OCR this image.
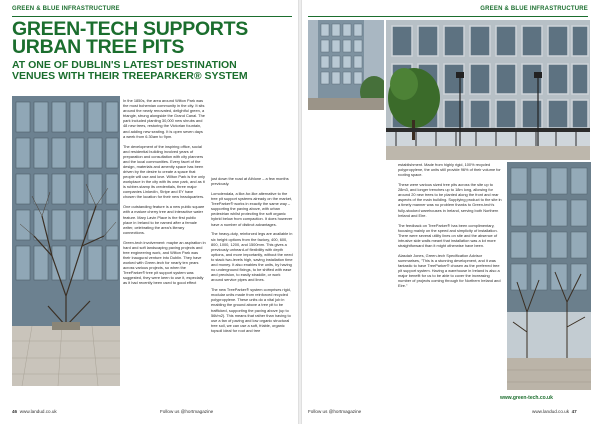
GREEN & BLUE INFRASTRUCTURE
GREEN-TECH SUPPORTS
URBAN TREE PITS
AT ONE OF DUBLIN'S LATEST DESTINATION
VENUES WITH THEIR TREEPARKER® SYSTEM

In the 1850s, the area around Wilton Park was the most bohemian community in the city. It sits around the newly renovated, delightful green, a triangle, strung alongside the Grand Canal. The park included planting 30,000 new shrubs and 48 new trees, restoring the Victorian fountain, and adding new seating. It is open seven days a week from 6.30am to 9pm.

The development of the inspiring office, social and residential building involved years of preparation and consultation with city planners and the local communities. Every facet of the design, materials and amenity space has been driven by the desire to create a space that people will use and love. Wilton Park is the only workplace in the city with its own park, and as it is rubber-stamp its credentials, three major companies LinkedIn, Stripe and EY have chosen the location for their new headquarters.

One outstanding feature is a new public square with a mature cherry tree and interactive water feature. Mary Lavin Place is the first public place in Ireland to be named after a female writer, celebrating the area's literary connections.

Green-tech involvement: maybe an aspiration in hard and soft landscaping paving projects and tree engineering work, and Wilton Park was their inaugural venture into Dublin. They have worked with Green-tech for nearly ten years across various projects, so when the TreeParker® tree pit support system was suggested, they were keen to use it, especially as it had recently been used to good effect

just down the road at Athlone – a few months previously.

Lomolendala, a like-for-like alternative to the tree pit support systems already on the market, TreeParker® works in exactly the same way – supporting the paving above, with urban pedestrian whilst protecting the soft organic hybrid below from compaction. It does however have a number of distinct advantages.

The heavy-duty, reinforced legs are available in six height options from the factory, 400, 600, 800, 1000, 1200, and 1500mm. This gives a previously unheard-of flexibility with depth options, and more importantly, without the need to stack two-levels high, saving installation time and money. It also enables the units, by having no underground fixings, to be shifted with ease and precision, to easily straddle, or work around service pipes and lines.

The new TreeParker® system comprises rigid, modular units made from reinforced recycled polypropylene. These units do a vital job in enabling the ground above a tree pit to be trafficked, supporting the paving above (up to 56t/m2). This means that rather than having to use a fan of paving and low organic structural tree soil, we can use a soft, friable, organic topsoil ideal for root and tree

46 www.landud.co.uk	Follow us @hortmagazine
GREEN & BLUE INFRASTRUCTURE

establishment. Made from highly rigid, 100% recycled polypropylene, the units still provide 96% of their volume for rooting space.

These were various sized tree pits across the site up to 28m3, and longer trenches up to 18m long, allowing for around 20 new trees to be planted along the front and rear aspects of the main building. Supplying product to the site in a timely manner was no problem thanks to Green-tech's fully-stocked warehouses in Ireland, serving both Northern Ireland and Eire.

The feedback on TreeParker® has been complimentary, focusing mainly on the speed and simplicity of installation. There were several utility lines on site and the absence of intrusive side walls meant that installation was a lot more straightforward than it might otherwise have been.

Alasdair Jones, Green-tech Specification Advisor summarises, "This is a stunning development, and it was fantastic to have TreeParker® chosen as the preferred tree pit support system. Having a warehouse in Ireland is also a major benefit for us to be able to cover the increasing number of projects coming through for Northern Ireland and Eire."

www.green-tech.co.uk
Follow us @hortmagazine	www.landud.co.uk 47
